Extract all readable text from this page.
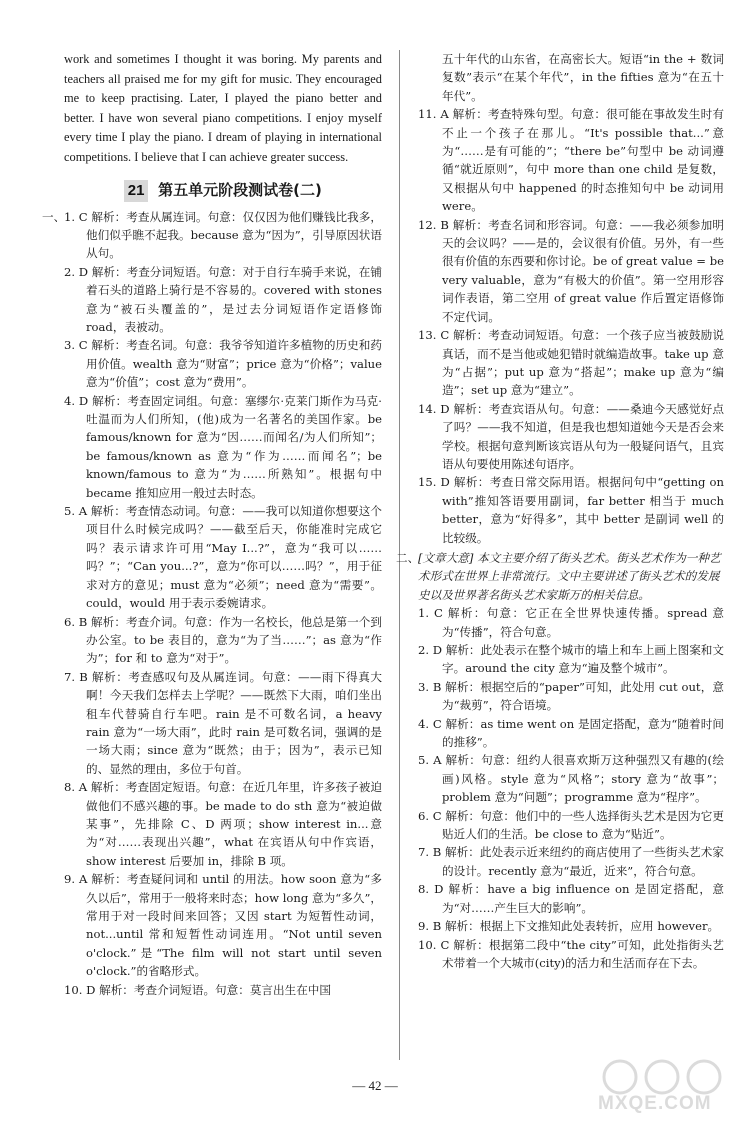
work and sometimes I thought it was boring. My parents and teachers all praised me for my gift for music. They encouraged me to keep practising. Later, I played the piano better and better. I have won several piano competitions. I enjoy myself every time I play the piano. I dream of playing in international competitions. I believe that I can achieve greater success.

21 第五单元阶段测试卷(二)
一、

1. C 解析：考查从属连词。句意：仅仅因为他们赚钱比我多，他们似乎瞧不起我。because 意为“因为”，引导原因状语从句。

2. D 解析：考查分词短语。句意：对于自行车骑手来说，在铺着石头的道路上骑行是不容易的。covered with stones 意为“被石头覆盖的”，是过去分词短语作定语修饰 road，表被动。

3. C 解析：考查名词。句意：我爷爷知道许多植物的历史和药用价值。wealth 意为“财富”；price 意为“价格”；value 意为“价值”；cost 意为“费用”。

4. D 解析：考查固定词组。句意：塞缪尔·克莱门斯作为马克·吐温而为人们所知，(他)成为一名著名的美国作家。be famous/known for 意为“因……而闻名/为人们所知”；be famous/known as 意为“作为……而闻名”；be known/famous to 意为“为……所熟知”。根据句中 became 推知应用一般过去时态。

5. A 解析：考查情态动词。句意：——我可以知道你想要这个项目什么时候完成吗？——截至后天，你能准时完成它吗？表示请求许可用“May I...?”，意为“我可以……吗？”；“Can you...?”，意为“你可以……吗？”，用于征求对方的意见；must 意为“必须”；need 意为“需要”。could，would 用于表示委婉请求。

6. B 解析：考查介词。句意：作为一名校长，他总是第一个到办公室。to be 表目的，意为“为了当……”；as 意为“作为”；for 和 to 意为“对于”。

7. B 解析：考查感叹句及从属连词。句意：——雨下得真大啊！今天我们怎样去上学呢？——既然下大雨，咱们坐出租车代替骑自行车吧。rain 是不可数名词，a heavy rain 意为“一场大雨”，此时 rain 是可数名词，强调的是一场大雨；since 意为“既然；由于；因为”，表示已知的、显然的理由，多位于句首。

8. A 解析：考查固定短语。句意：在近几年里，许多孩子被迫做他们不感兴趣的事。be made to do sth 意为“被迫做某事”，先排除 C、D 两项；show interest in...意为“对……表现出兴趣”，what 在宾语从句中作宾语，show interest 后要加 in，排除 B 项。

9. A 解析：考查疑问词和 until 的用法。how soon 意为“多久以后”，常用于一般将来时态；how long 意为“多久”，常用于对一段时间来回答；又因 start 为短暂性动词，not...until 常和短暂性动词连用。“Not until seven o'clock.”是“The film will not start until seven o'clock.”的省略形式。

10. D 解析：考查介词短语。句意：莫言出生在中国

五十年代的山东省，在高密长大。短语“in the + 数词复数”表示“在某个年代”，in the fifties 意为“在五十年代”。

11. A 解析：考查特殊句型。句意：很可能在事故发生时有不止一个孩子在那儿。“It's possible that...”意为“……是有可能的”；“there be”句型中 be 动词遵循“就近原则”，句中 more than one child 是复数，又根据从句中 happened 的时态推知句中 be 动词用 were。

12. B 解析：考查名词和形容词。句意：——我必须参加明天的会议吗？——是的，会议很有价值。另外，有一些很有价值的东西要和你讨论。be of great value = be very valuable，意为“有极大的价值”。第一空用形容词作表语，第二空用 of great value 作后置定语修饰不定代词。

13. C 解析：考查动词短语。句意：一个孩子应当被鼓励说真话，而不是当他或她犯错时就编造故事。take up 意为“占据”；put up 意为“搭起”；make up 意为“编造”；set up 意为“建立”。

14. D 解析：考查宾语从句。句意：——桑迪今天感觉好点了吗？——我不知道，但是我也想知道她今天是否会来学校。根据句意判断该宾语从句为一般疑问语气，且宾语从句要使用陈述句语序。

15. D 解析：考查日常交际用语。根据问句中“getting on with”推知答语要用副词，far better 相当于 much better，意为“好得多”，其中 better 是副词 well 的比较级。

二、

[文章大意] 本文主要介绍了街头艺术。街头艺术作为一种艺术形式在世界上非常流行。文中主要讲述了街头艺术的发展史以及世界著名街头艺术家斯万的相关信息。

1. C 解析：句意：它正在全世界快速传播。spread 意为“传播”，符合句意。

2. D 解析：此处表示在整个城市的墙上和车上画上图案和文字。around the city 意为“遍及整个城市”。

3. B 解析：根据空后的“paper”可知，此处用 cut out，意为“裁剪”，符合语境。

4. C 解析：as time went on 是固定搭配，意为“随着时间的推移”。

5. A 解析：句意：纽约人很喜欢斯万这种强烈又有趣的(绘画)风格。style 意为“风格”；story 意为“故事”；problem 意为“问题”；programme 意为“程序”。

6. C 解析：句意：他们中的一些人选择街头艺术是因为它更贴近人们的生活。be close to 意为“贴近”。

7. B 解析：此处表示近来纽约的商店使用了一些街头艺术家的设计。recently 意为“最近，近来”，符合句意。

8. D 解析：have a big influence on 是固定搭配，意为“对……产生巨大的影响”。

9. B 解析：根据上下文推知此处表转折，应用 however。

10. C 解析：根据第二段中“the city”可知，此处指街头艺术带着一个大城市(city)的活力和生活而存在下去。

— 42 —
MXQE.COM
